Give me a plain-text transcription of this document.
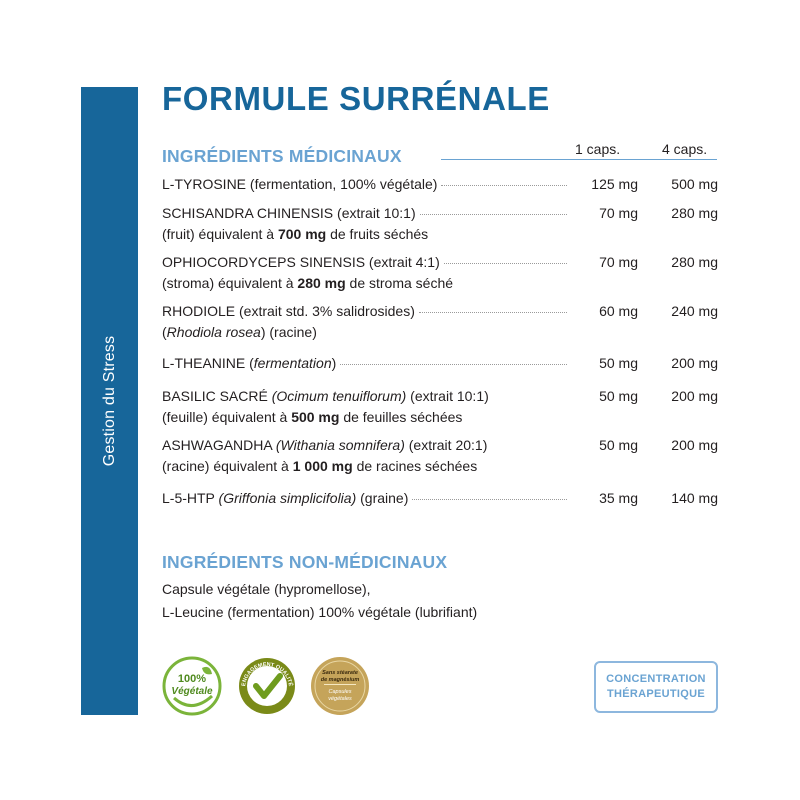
Gestion du Stress
FORMULE SURRÉNALE
INGRÉDIENTS MÉDICINAUX	1 caps.	4 caps.
L-TYROSINE (fermentation, 100% végétale)	125 mg 500 mg
SCHISANDRA CHINENSIS (extrait 10:1)
(fruit) équivalent à 700 mg de fruits séchés
70 mg 280 mg
OPHIOCORDYCEPS SINENSIS (extrait 4:1)
(stroma) équivalent à 280 mg de stroma séché
70 mg 280 mg
RHODIOLE (extrait std. 3% salidrosides)
(Rhodiola rosea) (racine)
60 mg 240 mg
L-THEANINE (fermentation)	50 mg 200 mg
BASILIC SACRÉ (Ocimum tenuiflorum) (extrait 10:1)
(feuille) équivalent à 500 mg de feuilles séchées
50 mg 200 mg
ASHWAGANDHA (Withania somnifera) (extrait 20:1)
(racine) équivalent à 1 000 mg de racines séchées
50 mg 200 mg
L-5-HTP (Griffonia simplicifolia) (graine)	35 mg 140 mg
INGRÉDIENTS NON-MÉDICINAUX
Capsule végétale (hypromellose),
L-Leucine (fermentation) 100% végétale (lubrifiant)
100%
Végétale
ENGAGEMENT QUALITÉ
Sans stéarate
de magnésium
Capsules
végétales
CONCENTRATION
THÉRAPEUTIQUE
